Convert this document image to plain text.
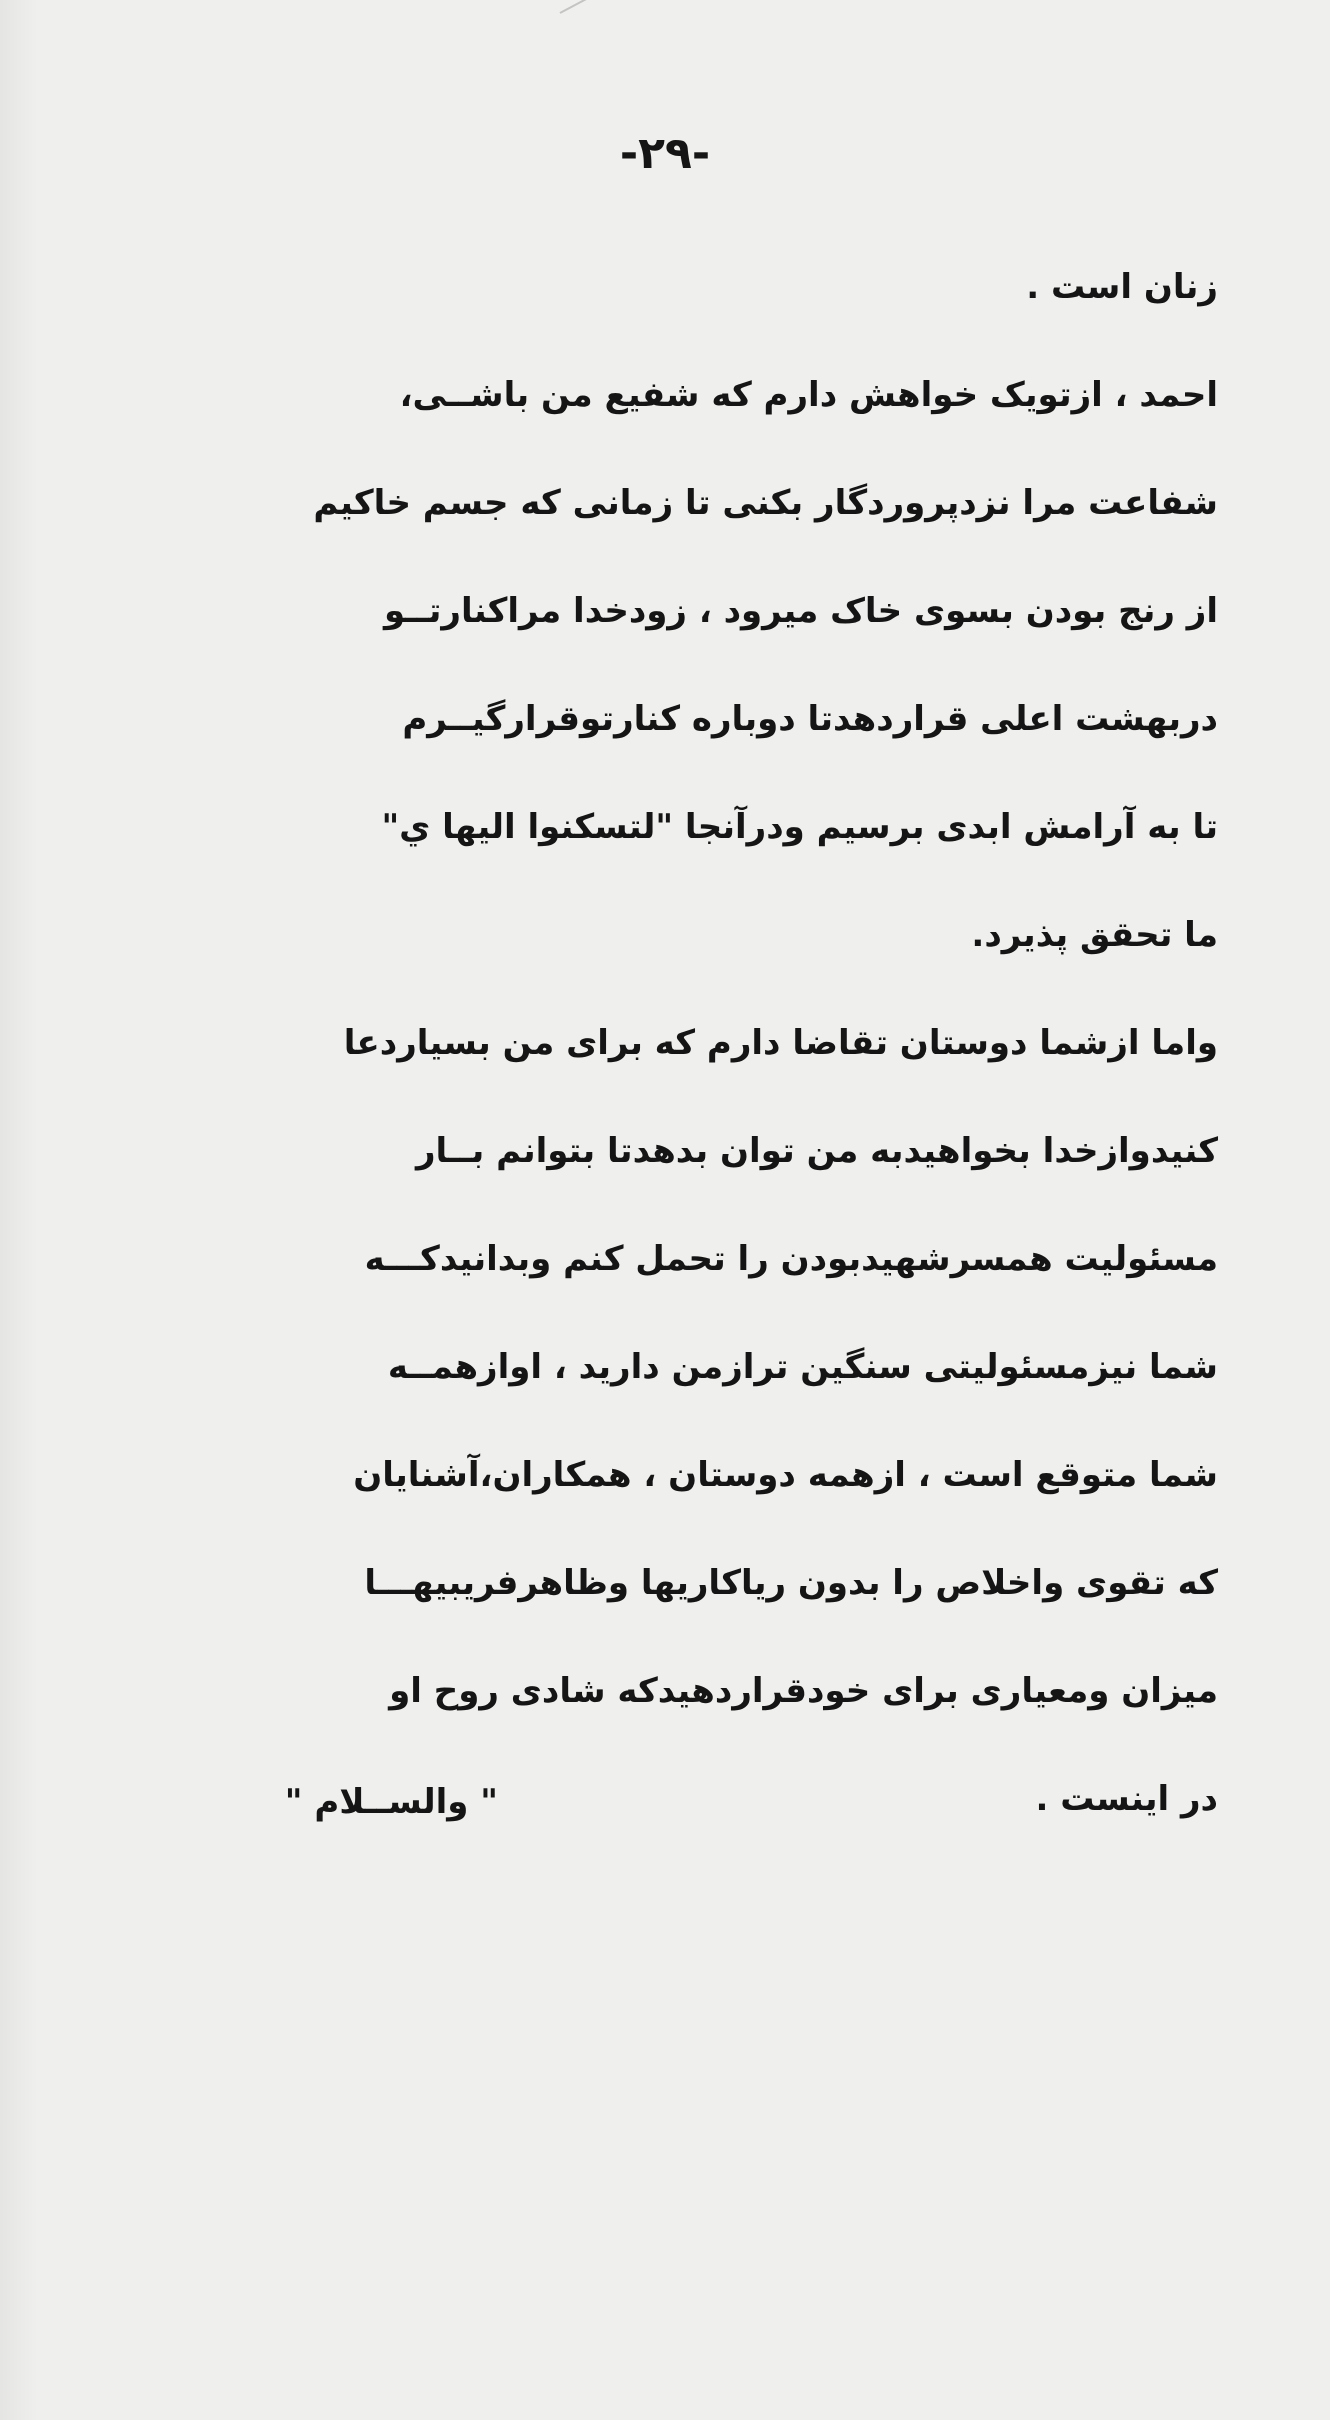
-۲۹-
زنان است .
احمد ، ازتویک خواهش دارم که شفیع من باشــی،
شفاعت مرا نزدپروردگار بکنی تا زمانی که جسم خاکیم
از رنج بودن بسوی خاک میرود ، زودخدا مراکنارتــو
دربهشت اعلی قراردهدتا دوباره کنارتوقرارگیــرم
تا به آرامش ابدی برسیم ودرآنجا "لتسکنوا الیها ي"
ما تحقق پذیرد.
واما ازشما دوستان تقاضا دارم که برای من بسیاردعا
کنیدوازخدا بخواهیدبه من توان بدهدتا بتوانم بــار
مسئولیت همسرشهیدبودن را تحمل کنم وبدانیدکـــه
شما نیزمسئولیتی سنگین ترازمن دارید ، اوازهمــه
شما متوقع است ، ازهمه دوستان ، همکاران،آشنایان
که تقوی واخلاص را بدون ریاکاریها وظاهرفریبیهـــا
میزان ومعیاری برای خودقراردهیدکه شادی روح او
در اینست .
" والســلام "
